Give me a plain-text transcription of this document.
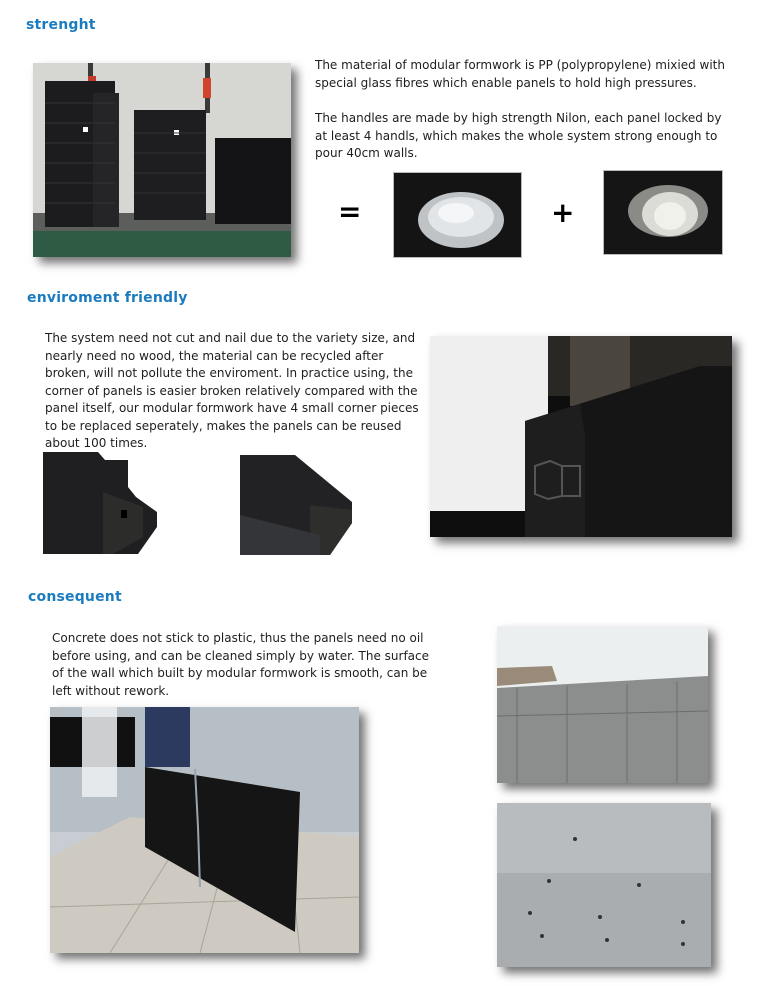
strenght

The material of modular formwork is PP (polypropylene) mixied with special glass fibres which enable panels to hold high pressures.

The handles are made by high strength Nilon, each panel locked by at least 4 handls, which makes the whole system strong enough to pour 40cm walls.

=	+
enviroment friendly

The system need not cut and nail due to the variety size, and nearly need no wood, the material can be recycled after broken, will not pollute the enviroment. In practice using, the corner of panels is easier broken relatively compared with the panel itself, our modular formwork have 4 small corner pieces to be replaced seperately, makes the panels can be reused about 100 times.

consequent

Concrete does not stick to plastic, thus the panels need no oil before using, and can be cleaned simply by water. The surface of the wall which built by modular formwork is smooth, can be left without rework.
